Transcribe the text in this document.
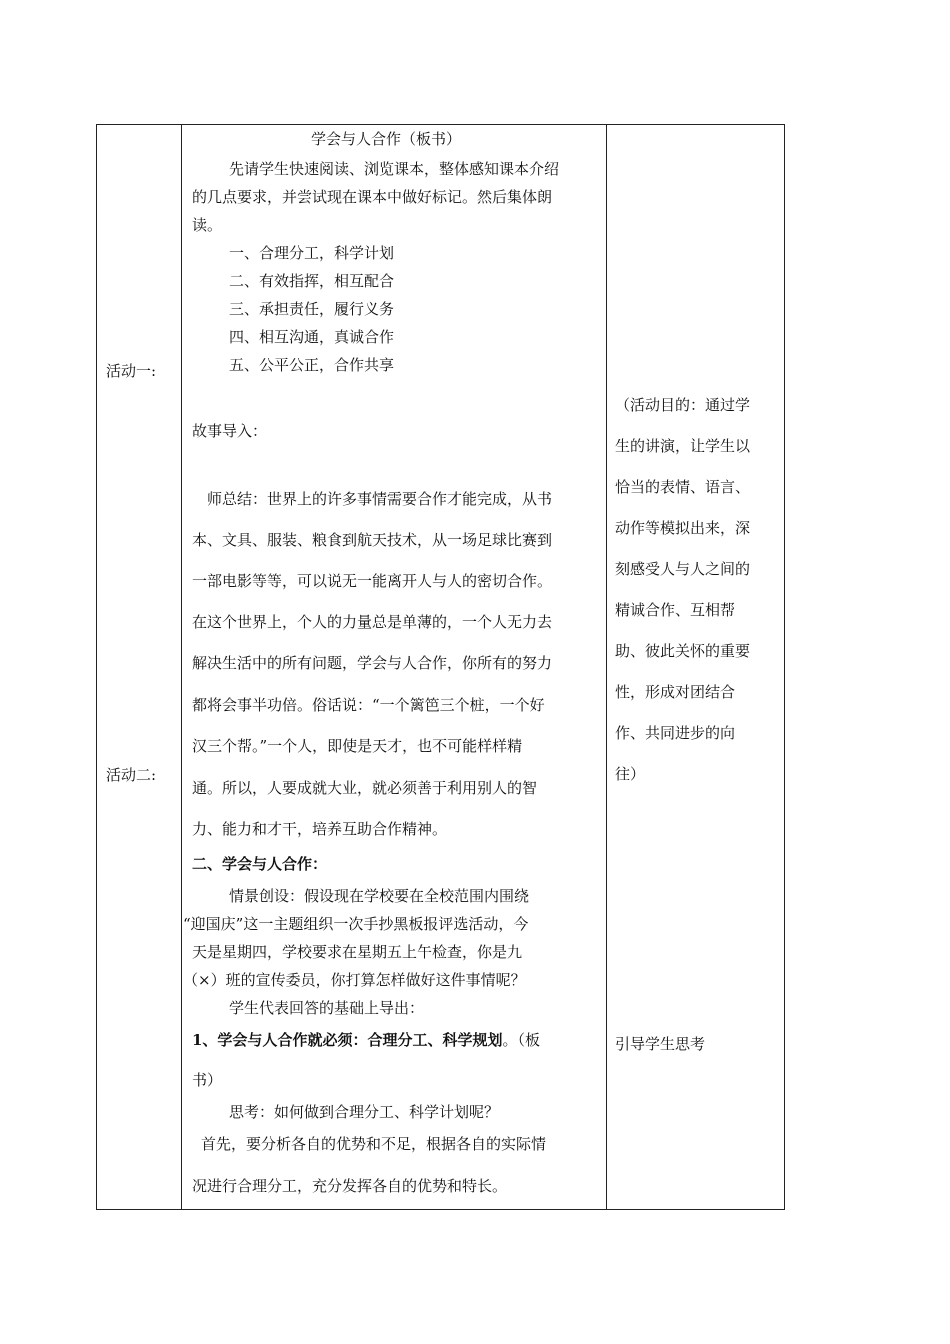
活动一:
活动二:
学会与人合作（板书）
先请学生快速阅读、浏览课本，整体感知课本介绍
的几点要求，并尝试现在课本中做好标记。然后集体朗
读。
一、合理分工，科学计划
二、有效指挥，相互配合
三、承担责任，履行义务
四、相互沟通，真诚合作
五、公平公正，合作共享
故事导入：
师总结：世界上的许多事情需要合作才能完成，从书
本、文具、服装、粮食到航天技术，从一场足球比赛到
一部电影等等，可以说无一能离开人与人的密切合作。
在这个世界上，个人的力量总是单薄的，一个人无力去
解决生活中的所有问题，学会与人合作，你所有的努力
都将会事半功倍。俗话说：“一个篱笆三个桩，一个好
汉三个帮。”一个人，即使是天才，也不可能样样精
通。所以，人要成就大业，就必须善于利用别人的智
力、能力和才干，培养互助合作精神。
二、学会与人合作：
情景创设：假设现在学校要在全校范围内围绕
“迎国庆”这一主题组织一次手抄黑板报评选活动，今
天是星期四，学校要求在星期五上午检查，你是九
（×）班的宣传委员，你打算怎样做好这件事情呢？
学生代表回答的基础上导出：
1、学会与人合作就必须：合理分工、科学规划。（板
书）
思考：如何做到合理分工、科学计划呢？
首先，要分析各自的优势和不足，根据各自的实际情
况进行合理分工，充分发挥各自的优势和特长。
（活动目的：通过学
生的讲演，让学生以
恰当的表情、语言、
动作等模拟出来，深
刻感受人与人之间的
精诚合作、互相帮
助、彼此关怀的重要
性，形成对团结合
作、共同进步的向
往）
引导学生思考
